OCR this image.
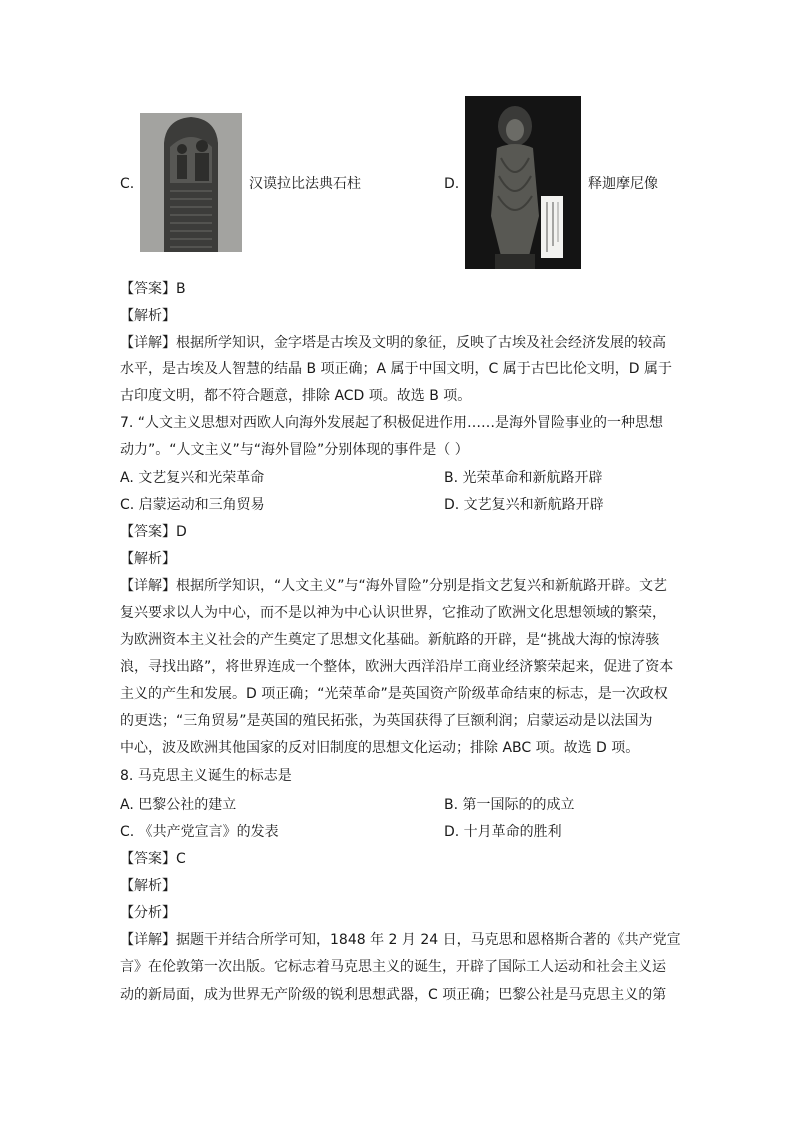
C.	汉谟拉比法典石柱	D.	释迦摩尼像
【答案】B
【解析】
【详解】根据所学知识，金字塔是古埃及文明的象征，反映了古埃及社会经济发展的较高
水平，是古埃及人智慧的结晶 B 项正确；A 属于中国文明，C 属于古巴比伦文明，D 属于
古印度文明，都不符合题意，排除 ACD 项。故选 B 项。
7. “人文主义思想对西欧人向海外发展起了积极促进作用……是海外冒险事业的一种思想
动力”。“人文主义”与“海外冒险”分别体现的事件是（ ）
A. 文艺复兴和光荣革命	B. 光荣革命和新航路开辟
C. 启蒙运动和三角贸易	D. 文艺复兴和新航路开辟
【答案】D
【解析】
【详解】根据所学知识，“人文主义”与“海外冒险”分别是指文艺复兴和新航路开辟。文艺
复兴要求以人为中心，而不是以神为中心认识世界，它推动了欧洲文化思想领域的繁荣，
为欧洲资本主义社会的产生奠定了思想文化基础。新航路的开辟，是“挑战大海的惊涛骇
浪，寻找出路”，将世界连成一个整体，欧洲大西洋沿岸工商业经济繁荣起来，促进了资本
主义的产生和发展。D 项正确；“光荣革命”是英国资产阶级革命结束的标志，是一次政权
的更迭；“三角贸易”是英国的殖民拓张，为英国获得了巨额利润；启蒙运动是以法国为
中心，波及欧洲其他国家的反对旧制度的思想文化运动；排除 ABC 项。故选 D 项。
8. 马克思主义诞生的标志是
A. 巴黎公社的建立	B. 第一国际的的成立
C. 《共产党宣言》的发表	D. 十月革命的胜利
【答案】C
【解析】
【分析】
【详解】据题干并结合所学可知，1848 年 2 月 24 日，马克思和恩格斯合著的《共产党宣
言》在伦敦第一次出版。它标志着马克思主义的诞生，开辟了国际工人运动和社会主义运
动的新局面，成为世界无产阶级的锐利思想武器，C 项正确；巴黎公社是马克思主义的第
